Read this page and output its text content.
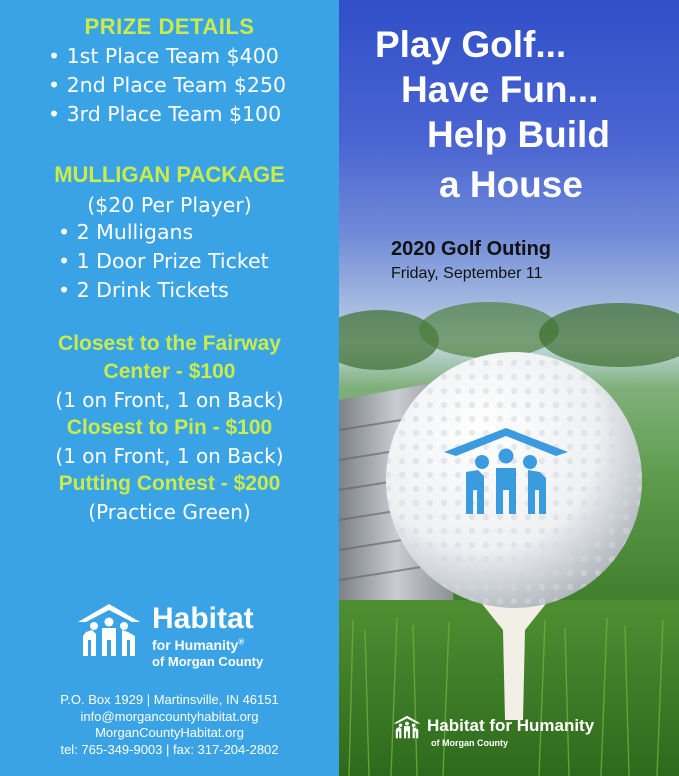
PRIZE DETAILS
• 1st Place Team $400
• 2nd Place Team $250
• 3rd Place Team $100
MULLIGAN PACKAGE
($20 Per Player)
• 2 Mulligans
• 1 Door Prize Ticket
• 2 Drink Tickets
Closest to the Fairway
Center - $100
(1 on Front, 1 on Back)
Closest to Pin - $100
(1 on Front, 1 on Back)
Putting Contest - $200
(Practice Green)
Habitat
for Humanity®
of Morgan County
P.O. Box 1929 | Martinsville, IN 46151
info@morgancountyhabitat.org
MorganCountyHabitat.org
tel: 765-349-9003 | fax: 317-204-2802
Play Golf...
Have Fun...
Help Build
a House
2020 Golf Outing
Friday, September 11
Habitat for Humanity
of Morgan County
